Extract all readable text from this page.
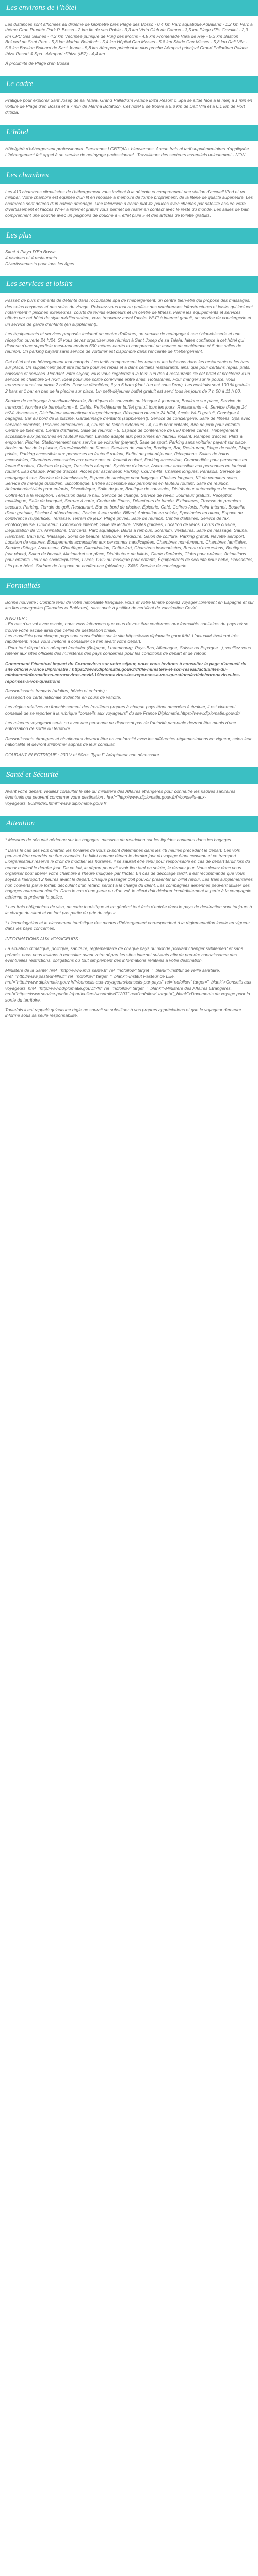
Les environs de l’hôtel

Les distances sont affichées au dixième de kilomètre près Plage des Bosso - 0,4 km Parc aquatique Aqualand - 1,2 km Parc à thème Gran Prudete Park P. Bosso - 2 km Ile de ses Roble - 3,3 km Vista Club de Campo - 3,5 km Plage d'Es Cavallet - 2,9 km CPC Ses Salines - 4,2 km Vécripéé punique de Puig des Molins - 4,9 km Promenade Vara de Rey - 5,3 km Bastion Boluard de Sant Pere - 5,3 km Marina Botafoch - 5,4 km Hôpital Can Misses - 5,8 km Stade Can Misses - 5,8 km Dalt Vila - 5,8 km Bastion Boluard de Sant Joane - 5,8 km Aéroport principal le plus proche Aéroport principal Grand Palladium Palace Ibiza Resort & Spa : Aéroport d'Ibiza (IBZ) - 4,4 km

À proximité de Plage d'en Bossa

Le cadre

Pratique pour explorer Sant Josep de sa Talaia, Grand Palladium Palace Ibiza Resort & Spa se situe face à la mer, à 1 min en voiture de Plage d'en Bossa et à 7 min de Marina Botafoch. Cet hôtel 5 se trouve à 5,8 km de Dalt Vila et à 6,1 km de Port d'Ibiza.

L’hôtel

Hôte/géré d'hébergement professionnel. Personnes LGBTQIA+ bienvenues. Aucun frais ni tarif supplémentaires n'appliquée. L'hébergement fait appel à un service de nettoyage professionnel.. Travailleurs des secteurs essentiels uniquement - NON

Les chambres

Les 410 chambres climatisées de l'hébergement vous invitent à la détente et comprennent une station d'accueil iPod et un minibar. Votre chambre est équipée d'un lit en mousse à mémoire de forme proprement, de la literie de qualité supérieure. Les chambres sont dotées d'un balcon aménagé. Une télévision à écran plat 42 pouces avec chaînes par satellite assure votre divertissement et l'accès Wi-Fi à internet gratuit vous permet de rester en contact avec le reste du monde. Les salles de bain comprennent une douche avec un peignoirs de douche à « effet pluie » et des articles de toilette gratuits.

Les plus

Situé à Playa D'En Bossa
4 piscines et 4 restaurants
Divertissements pour tous les âges

Les services et loisirs

Passez de purs moments de détente dans l'occupable spa de l'hébergement, un centre bien-être qui propose des massages, des soins corporels et des soins du visage. Relaxez-vous tout au profitez des nombreuses infrastructures et loisirs qui incluent notamment 4 piscines extérieures, courts de tennis extérieurs et un centre de fitness. Parmi les équipements et services offerts par cet hôtel de style méditerranéen, vous trouverez aussi l'accès Wi-Fi à internet gratuit, un service de conciergerie et un service de garde d'enfants (en supplément).

Les équipements et services proposés incluent un centre d'affaires, un service de nettoyage à sec / blanchisserie et une réception ouverte 24 h/24. Si vous devez organiser une réunion à Sant Josep de sa Talaia, faites confiance à cet hôtel qui dispose d'une superficie mesurant environ 690 mètres carrés et comprenant un espace de conférence et 5 des salles de réunion. Un parking payant sans service de voiturier est disponible dans l'enceinte de l'hébergement.

Cet hôtel est un hébergement tout compris. Les tarifs comprennent les repas et les boissons dans les restaurants et les bars sur place. Un supplément peut être facturé pour les repas et à dans certains restaurants, ainsi que pour certains repas, plats, boissons et services. Pendant votre séjour, vous vous régalerez à la fois: l'un des 4 restaurants de cet hôtel et profiterez d'un service en chambre 24 h/24. Idéal pour une sortie conviviale entre amis. Hôtes/amis. Pour manger sur le pouce, vous trouverez aussi sur place 2 cafés. Pour se désaltérer, il y a 6 bars (dont l'un est sous l'eau). Les cocktails sont 100 % gratuits, 2 bars et 1 bar en bas de la piscine sur place. Un petit-déjeuner buffet gratuit est servi tous les jours de 7 h 00 à 11 h 00.

Service de nettoyage à sec/blanchisserie, Boutiques de souvenirs ou kiosque à journaux, Boutique sur place, Service de transport, Nombre de bars/salons - 6, Cafés, Petit-déjeuner buffet gratuit tous les jours, Restaurants - 4, Service d'étage 24 h/24, Ascenseur, Distributeur automatique d'argent/banque, Réception ouverte 24 h/24, Accès Wi-Fi gratuit, Consigne à bagages, Bar au bord de la piscine, Gardiennage d'enfants (supplément), Service de conciergerie, Salle de fitness, Spa avec services complets, Piscines extérieures - 4, Courts de tennis extérieurs - 4, Club pour enfants, Aire de jeux pour enfants, Centre de bien-être, Centre d'affaires, Salle de réunion - 5, Espace de conférence de 690 mètres carrés, Hébergement accessible aux personnes en fauteuil roulant, Lavabo adapté aux personnes en fauteuil roulant, Rampes d'accès, Plats à emporter, Piscine, Stationnement sans service de voiturier (payant), Salle de sport, Parking sans voiturier payant sur place, Accès au bar de la piscine, Cours/activités de fitness, Services de voiturier, Boutique, Bar, Restaurant, Plage de sable, Plage privée, Parking accessible aux personnes en fauteuil roulant, Buffet de petit-déjeuner, Réceptions, Salles de bains accessibles, Chambres accessibles aux personnes en fauteuil roulant, Parking accessible, Commodités pour personnes en fauteuil roulant, Chaises de plage, Transferts aéroport, Système d'alarme, Ascenseur accessible aux personnes en fauteuil roulant, Eau chaude, Rampe d'accès, Accès par ascenseur, Parking, Couvre-lits, Chaises longues, Parasols, Service de nettoyage à sec, Service de blanchisserie, Espace de stockage pour bagages, Chaises longues, Kit de premiers soins, Service de ménage quotidien, Bibliothèque, Entrée accessible aux personnes en fauteuil roulant, Salle de réunion, Animation/activités pour enfants, Discothèque, Salle de jeux, Boutique de souvenirs, Distributeur automatique de collations, Coffre-fort à la réception, Télévision dans le hall, Service de change, Service de réveil, Journaux gratuits, Réception multilingue, Salle de banquet, Serrure à carte, Centre de fitness, Détecteurs de fumée, Extincteurs, Trousse de premiers secours, Parking, Terrain de golf, Restaurant, Bar en bord de piscine, Épicerie, Café, Coffres-forts, Point Internet, Bouteille d'eau gratuite, Piscine à débordement, Piscine à eau salée, Billard, Animation en soirée, Spectacles en direct, Espace de conférence (superficie), Terrasse, Terrain de jeux, Plage privée, Salle de réunion, Centre d'affaires, Service de fax, Photocopieuse, Ordinateur, Connexion internet, Salle de lecture, Visites guidées, Location de vélos, Cours de cuisine, Dégustation de vin, Animations, Concerts, Parc aquatique, Bains à remous, Solarium, Vestiaires, Salle de massage, Sauna, Hammam, Bain turc, Massage, Soins de beauté, Manucure, Pédicure, Salon de coiffure, Parking gratuit, Navette aéroport, Location de voitures, Équipements accessibles aux personnes handicapées, Chambres non-fumeurs, Chambres familiales, Service d'étage, Ascenseur, Chauffage, Climatisation, Coffre-fort, Chambres insonorisées, Bureau d'excursions, Boutiques (sur place), Salon de beauté, Minimarket sur place, Distributeur de billets, Garde d'enfants, Clubs pour enfants, Animations pour enfants, Jeux de société/puzzles, Livres, DVD ou musique pour enfants, Équipements de sécurité pour bébé, Poussettes, Lits pour bébé. Surface de l'espace de conférence (plénière) - 7485. Service de conciergerie

Formalités

Bonne nouvelle : Compte tenu de votre nationalité française, vous et votre famille pouvez voyager librement en Espagne et sur les îles espagnoles (Canaries et Baléares), sans avoir à justifier de certificat de vaccination Covid.

A NOTER :
- En cas d'un vol avec escale, nous vous informons que vous devrez être conformes aux formalités sanitaires du pays où se trouve votre escale ainsi que celles de destination finale.
Les modalités pour chaque pays sont consultables sur le site https://www.diplomatie.gouv.fr/fr/. L'actualité évoluant très rapidement, nous vous invitons à consulter ce lien avant votre départ.
- Pour tout départ d'un aéroport frontalier (Belgique, Luxembourg, Pays-Bas, Allemagne, Suisse ou Espagne...), veuillez vous référer aux sites officiels des ministères des pays concernés pour les conditions de départ et de retour.

Concernant l'éventuel impact du Coronavirus sur votre séjour, nous vous invitons à consulter la page d'accueil du site officiel France Diplomatie : https://www.diplomatie.gouv.fr/fr/le-ministere-et-son-reseau/actualites-du-ministere/informations-coronavirus-covid-19/coronavirus-les-reponses-a-vos-questions/article/coronavirus-les-reponses-a-vos-questions

Ressortissants français (adultes, bébés et enfants) :
Passeport ou carte nationale d'identité en cours de validité.

Les règles relatives au franchissement des frontières propres à chaque pays étant amenées à évoluer, il est vivement conseillé de se reporter à la rubrique "conseils aux voyageurs" du site France Diplomatie.https://www.diplomatie.gouv.fr/

Les mineurs voyageant seuls ou avec une personne ne disposant pas de l'autorité parentale devront être munis d'une autorisation de sortie du territoire.

Ressortissants étrangers et binationaux devront être en conformité avec les différentes réglementations en vigueur, selon leur nationalité et devront s'informer auprès de leur consulat.

COURANT ELECTRIQUE : 230 V et 50Hz. Type F. Adaptateur non nécessaire.

Santé et Sécurité

Avant votre départ, veuillez consulter le site du ministère des Affaires étrangères pour connaître les risques sanitaires éventuels qui peuvent concerner votre destination : href="http://www.diplomatie.gouv.fr/fr/conseils-aux-voyageurs_909/index.html">www.diplomatie.gouv.fr

Attention

* Mesures de sécurité aérienne sur les bagages: mesures de restriction sur les liquides contenus dans les bagages.

* Dans le cas des vols charter, les horaires de vous ci-sont déterminés dans les 48 heures précédant le départ. Les vols peuvent être retardés ou être avancés. Le billet comme départ le dernier jour du voyage étant convenu et ce transport. L'organisateur réserve le droit de modifier les horaires, il se saurait être tenu pour responsable en cas de départ tardif lors du retour matinal le dernier jour. De ce fait, le départ pourrait avoir lieu tard en soirée, le dernier jour. Vous devez donc vous organiser pour libérer votre chambre à l'heure indiquée par l'hôtel. En cas de décollage tardif, il est recommandé que vous soyez à l'aéroport 2 heures avant le départ. Chaque passager doit pouvoir présenter un billet retour. Les frais supplémentaires non couverts par le forfait, découlant d'un retard, seront à la charge du client. Les compagnies aériennes peuvent utiliser des bagages autrement réduits. Dans le cas d'une perte ou d'un vol, le client doit déclarer immédiatement la perte à la compagnie aérienne et prévenir la police.

* Les frais obligatoires de visa, de carte touristique et en général tout frais d'entrée dans le pays de destination sont toujours à la charge du client et ne font pas partie du prix du séjour.

* L'homologation et le classement touristique des modes d'hébergement correspondent à la réglementation locale en vigueur dans les pays concernés.

INFORMATIONS AUX VOYAGEURS :

La situation climatique, politique, sanitaire, réglementaire de chaque pays du monde pouvant changer subitement et sans préavis, nous vous invitons à consulter avant votre départ les sites internet suivants afin de prendre connaissance des éventuelles restrictions, obligations ou tout simplement des informations relatives à votre destination.

Ministère de la Santé: href="http://www.invs.sante.fr" rel="nofollow" target="_blank">Institut de veille sanitaire, href="http://www.pasteur-lille.fr" rel="nofollow" target="_blank">Institut Pasteur de Lille, href="http://www.diplomatie.gouv.fr/fr/conseils-aux-voyageurs/conseils-par-pays/" rel="nofollow" target="_blank">Conseils aux voyageurs, href="http://www.diplomatie.gouv.fr/fr/" rel="nofollow" target="_blank">Ministère des Affaires Etrangères, href="https://www.service-public.fr/particuliers/vosdroits/F1203" rel="nofollow" target="_blank">Documents de voyage pour la sortie du territoire.

Toutefois il est rappelé qu'aucune règle ne saurait se substituer à vos propres appréciations et que le voyageur demeure informé sous sa seule responsabilité.
